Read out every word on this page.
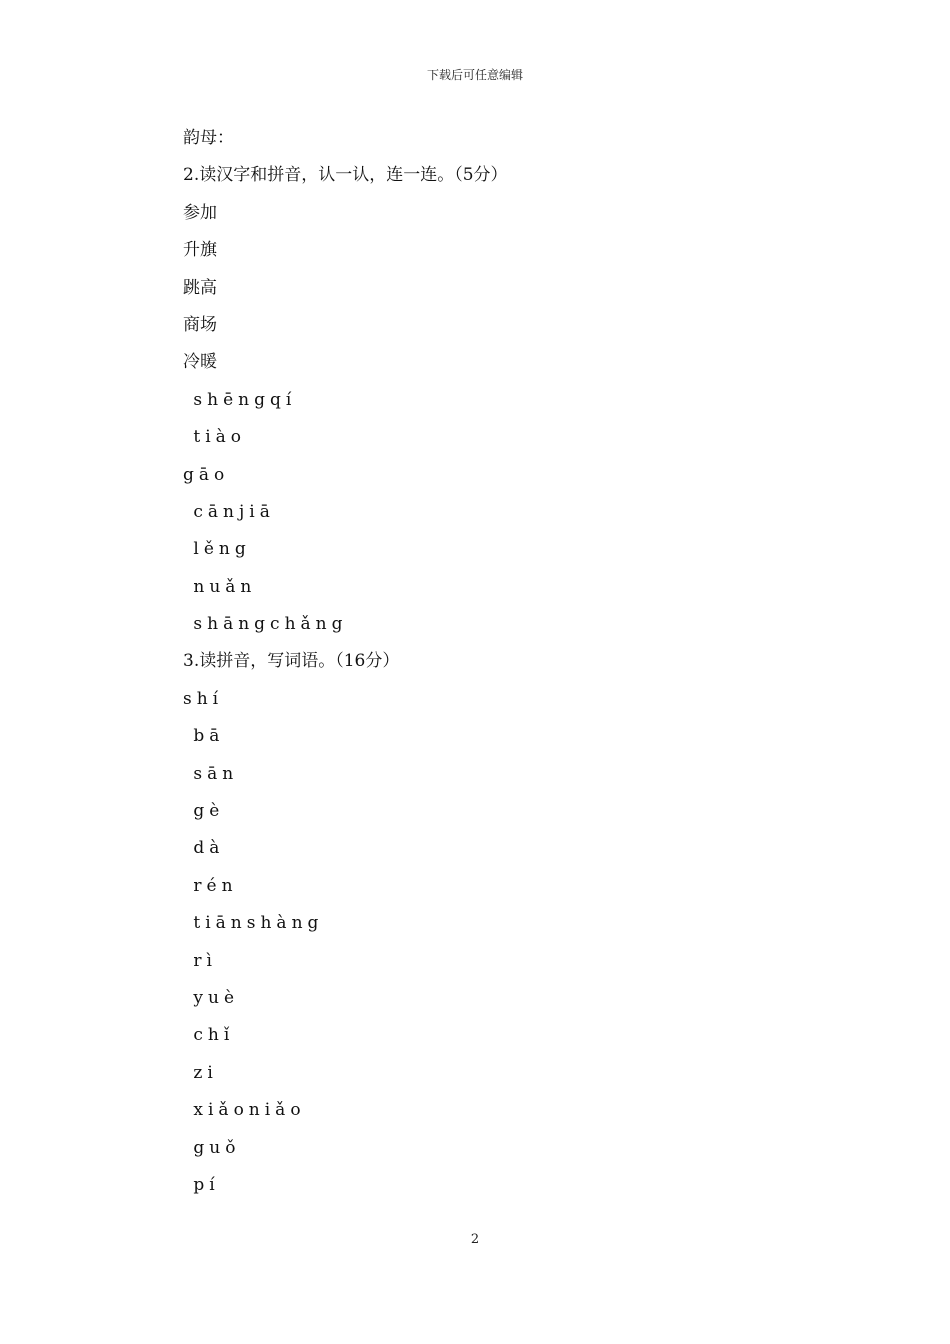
下载后可任意编辑
韵母：
2.读汉字和拼音，认一认，连一连。（5分）
参加
升旗
跳高
商场
冷暖
shēngqí
tiào
gāo
cānjiā
lěng
nuǎn
shāngchǎng
3.读拼音，写词语。（16分）
shí
bā
sān
gè
dà
rén
tiānshàng
rì
yuè
chǐ
zi
xiǎoniǎo
guǒ
pí
2
